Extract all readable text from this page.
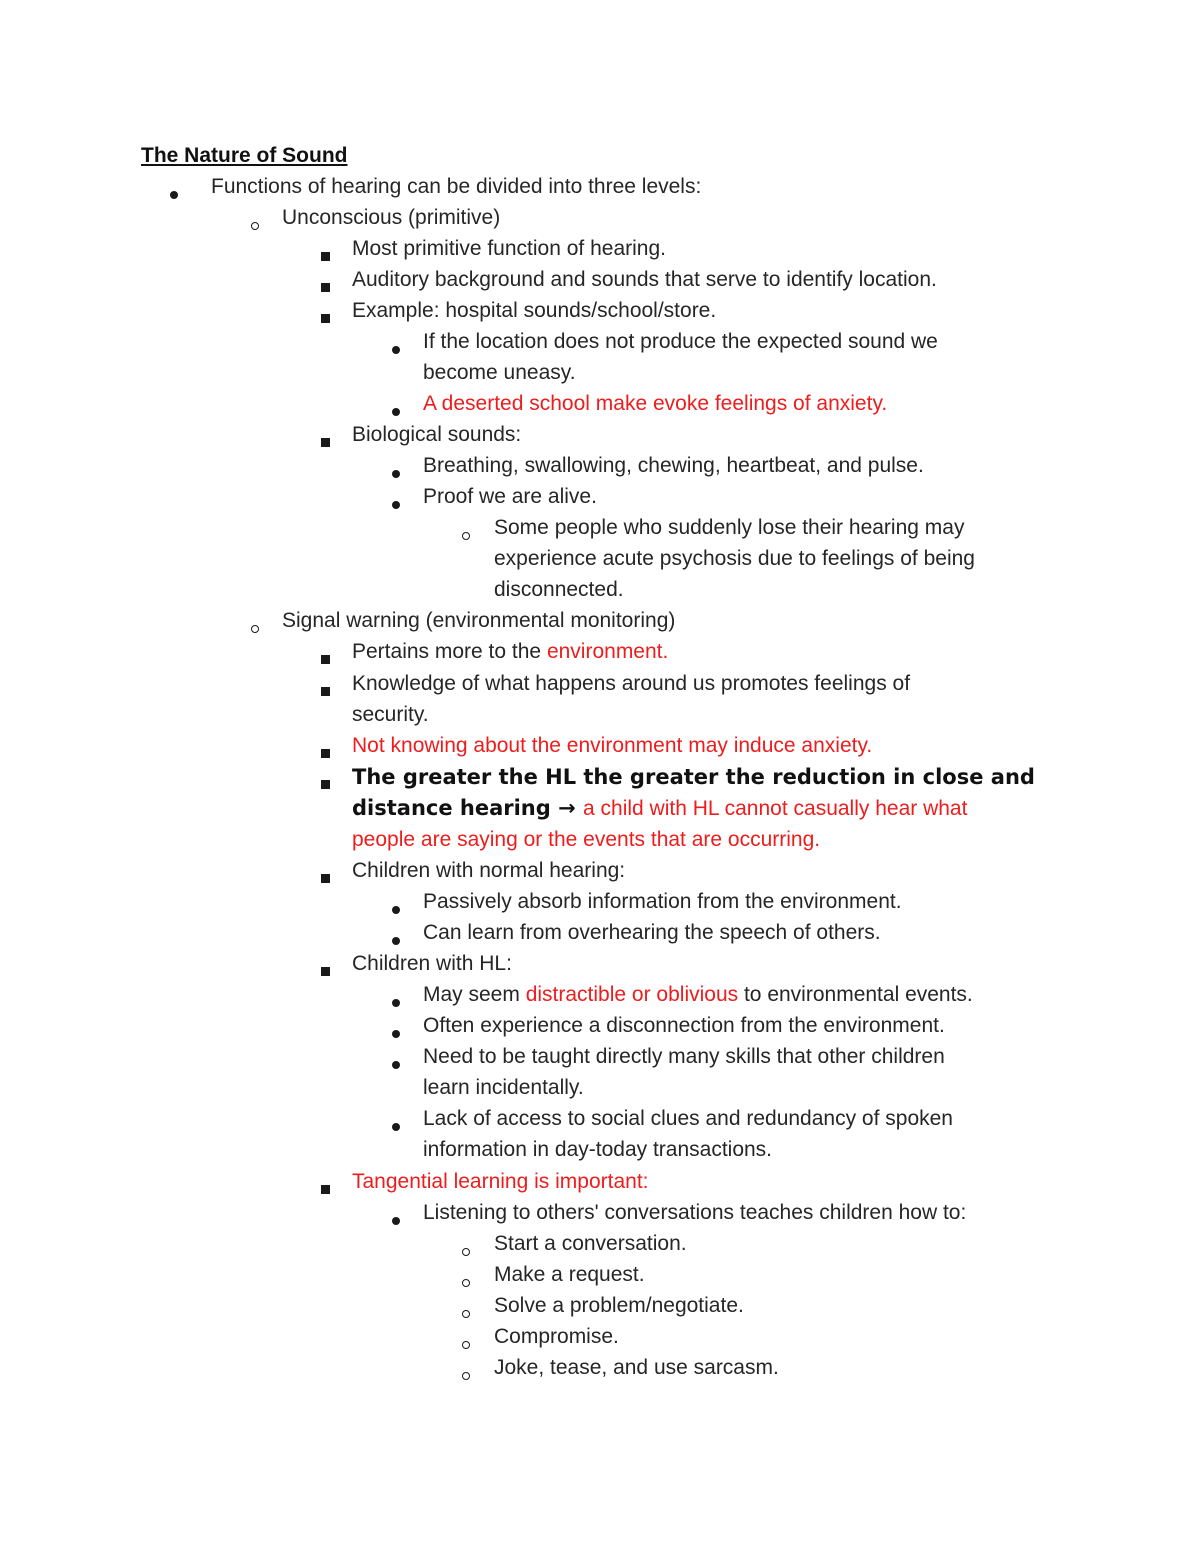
The Nature of Sound
Functions of hearing can be divided into three levels:
Unconscious (primitive)
Most primitive function of hearing.
Auditory background and sounds that serve to identify location.
Example: hospital sounds/school/store.
If the location does not produce the expected sound we
become uneasy.
A deserted school make evoke feelings of anxiety.
Biological sounds:
Breathing, swallowing, chewing, heartbeat, and pulse.
Proof we are alive.
Some people who suddenly lose their hearing may
experience acute psychosis due to feelings of being
disconnected.
Signal warning (environmental monitoring)
Pertains more to the environment.
Knowledge of what happens around us promotes feelings of
security.
Not knowing about the environment may induce anxiety.
The greater the HL the greater the reduction in close and
distance hearing → a child with HL cannot casually hear what
people are saying or the events that are occurring.
Children with normal hearing:
Passively absorb information from the environment.
Can learn from overhearing the speech of others.
Children with HL:
May seem distractible or oblivious to environmental events.
Often experience a disconnection from the environment.
Need to be taught directly many skills that other children
learn incidentally.
Lack of access to social clues and redundancy of spoken
information in day-today transactions.
Tangential learning is important:
Listening to others' conversations teaches children how to:
Start a conversation.
Make a request.
Solve a problem/negotiate.
Compromise.
Joke, tease, and use sarcasm.
